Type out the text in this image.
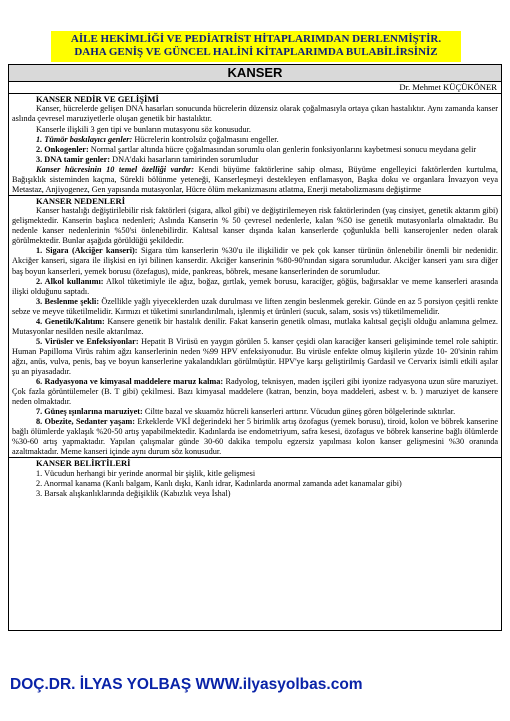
AİLE HEKİMLİĞİ VE PEDİATRİST HİTAPLARIMDAN DERLENMİŞTİR.
DAHA GENİŞ VE GÜNCEL HALİNİ KİTAPLARIMDA BULABİLİRSİNİZ
KANSER
Dr. Mehmet KÜÇÜKÖNER
KANSER NEDİR VE GELİŞİMİ

Kanser, hücrelerde gelişen DNA hasarları sonucunda hücrelerin düzensiz olarak çoğalmasıyla ortaya çıkan hastalıktır. Aynı zamanda kanser aslında çevresel maruziyetlerle oluşan genetik bir hastalıktır.

Kanserle ilişkili 3 gen tipi ve bunların mutasyonu söz konusudur.

1. Tümör baskılayıcı genler: Hücrelerin kontrolsüz çoğalmasını engeller.

2. Onkogenler: Normal şartlar altında hücre çoğalmasından sorumlu olan genlerin fonksiyonlarını kaybetmesi sonucu meydana gelir

3. DNA tamir genler: DNA'daki hasarların tamirinden sorumludur

Kanser hücresinin 10 temel özelliği vardır: Kendi büyüme faktörlerine sahip olması, Büyüme engelleyici faktörlerden kurtulma, Bağışıklık sisteminden kaçma, Sürekli bölünme yeteneği, Kanserleşmeyi destekleyen enflamasyon, Başka doku ve organlara İnvazyon veya Metastaz, Anjiyogenez, Gen yapısında mutasyonlar, Hücre ölüm mekanizmasını atlatma, Enerji metabolizmasını değiştirme

KANSER NEDENLERİ

Kanser hastalığı değiştirilebilir risk faktörleri (sigara, alkol gibi) ve değiştirilemeyen risk faktörlerinden (yaş cinsiyet, genetik aktarım gibi) gelişmektedir. Kanserin başlıca nedenleri; Aslında Kanserin % 50 çevresel nedenlerle, kalan %50 ise genetik mutasyonlarla olmaktadır. Bu nedenle kanser nedenlerinin %50'si önlenebilirdir. Kalıtsal kanser dışında kalan kanserlerde çoğunlukla belli kanserojenler neden olarak görülmektedir. Bunlar aşağıda görüldüğü şekildedir.

1. Sigara (Akciğer kanseri): Sigara tüm kanserlerin %30'u ile ilişkilidir ve pek çok kanser türünün önlenebilir önemli bir nedenidir. Akciğer kanseri, sigara ile ilişkisi en iyi bilinen kanserdir. Akciğer kanserinin %80-90'nından sigara sorumludur. Akciğer kanseri yanı sıra diğer baş boyun kanserleri, yemek borusu (özefagus), mide, pankreas, böbrek, mesane kanserlerinden de sorumludur.

2. Alkol kullanımı: Alkol tüketimiyle ile ağız, boğaz, gırtlak, yemek borusu, karaciğer, göğüs, bağırsaklar ve meme kanserleri arasında ilişki olduğunu saptadı.

3. Beslenme şekli: Özellikle yağlı yiyeceklerden uzak durulması ve liften zengin beslenmek gerekir. Günde en az 5 porsiyon çeşitli renkte sebze ve meyve tüketilmelidir. Kırmızı et tüketimi sınırlandırılmalı, işlenmiş et ürünleri (sucuk, salam, sosis vs) tüketilmemelidir.

4. Genetik/Kalıtım: Kansere genetik bir hastalık denilir. Fakat kanserin genetik olması, mutlaka kalıtsal geçişli olduğu anlamına gelmez. Mutasyonlar nesilden nesile aktarılmaz.

5. Virüsler ve Enfeksiyonlar: Hepatit B Virüsü en yaygın görülen 5. kanser çeşidi olan karaciğer kanseri gelişiminde temel role sahiptir. Human Papilloma Virüs rahim ağzı kanserlerinin neden %99 HPV enfeksiyonudur. Bu virüsle enfekte olmuş kişilerin yüzde 10- 20'sinin rahim ağzı, anüs, vulva, penis, baş ve boyun kanserlerine yakalandıkları görülmüştür. HPV'ye karşı geliştirilmiş Gardasil ve Cervarix isimli etkili aşılar şu an piyasadadır.

6. Radyasyona ve kimyasal maddelere maruz kalma: Radyolog, teknisyen, maden işçileri gibi iyonize radyasyona uzun süre maruziyet. Çok fazla görüntülemeler (B. T gibi) çekilmesi. Bazı kimyasal maddelere (katran, benzin, boya maddeleri, asbest v. b. ) maruziyet de kansere neden olmaktadır.

7. Güneş ışınlarına maruziyet: Ciltte bazal ve skuamöz hücreli kanserleri arttırır. Vücudun güneş gören bölgelerinde sıktırlar.

8. Obezite, Sedanter yaşam: Erkeklerde VKİ değerindeki her 5 birimlik artış özofagus (yemek borusu), tiroid, kolon ve böbrek kanserine bağlı ölümlerde yaklaşık %20-50 artış yapabilmektedir. Kadınlarda ise endometriyum, safra kesesi, özofagus ve böbrek kanserine bağlı ölümlerde %30-60 artış yapmaktadır. Yapılan çalışmalar günde 30-60 dakika tempolu egzersiz yapılması kolon kanser gelişmesini %30 oranında azaltmaktadır. Meme kanseri içinde aynı durum söz konusudur.

KANSER BELİRTİLERİ

1. Vücudun herhangi bir yerinde anormal bir şişlik, kitle gelişmesi

2. Anormal kanama (Kanlı balgam, Kanlı dışkı, Kanlı idrar, Kadınlarda anormal zamanda adet kanamalar gibi)

3. Barsak alışkanlıklarında değişiklik (Kabızlık veya İshal)

DOÇ.DR. İLYAS YOLBAŞ WWW.ilyasyolbas.com
